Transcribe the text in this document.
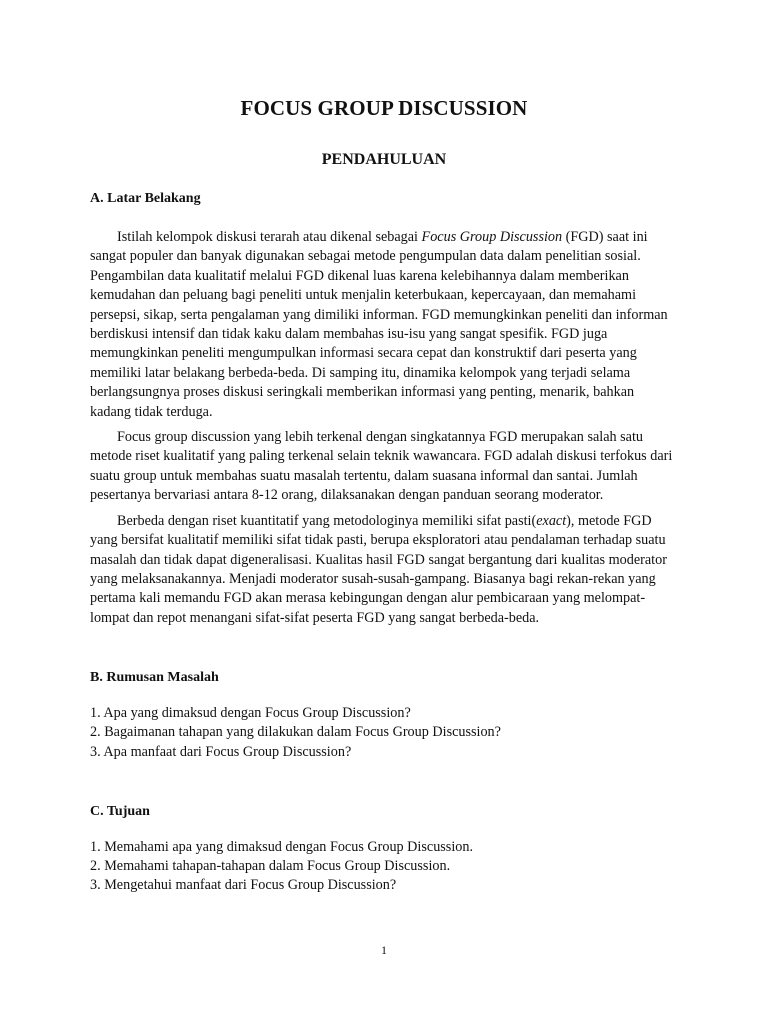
FOCUS GROUP DISCUSSION
PENDAHULUAN
A. Latar Belakang

Istilah kelompok diskusi terarah atau dikenal sebagai Focus Group Discussion (FGD) saat ini sangat populer dan banyak digunakan sebagai metode pengumpulan data dalam penelitian sosial. Pengambilan data kualitatif melalui FGD dikenal luas karena kelebihannya dalam memberikan kemudahan dan peluang bagi peneliti untuk menjalin keterbukaan, kepercayaan, dan memahami persepsi, sikap, serta pengalaman yang dimiliki informan. FGD memungkinkan peneliti dan informan berdiskusi intensif dan tidak kaku dalam membahas isu-isu yang sangat spesifik. FGD juga memungkinkan peneliti mengumpulkan informasi secara cepat dan konstruktif dari peserta yang memiliki latar belakang berbeda-beda. Di samping itu, dinamika kelompok yang terjadi selama berlangsungnya proses diskusi seringkali memberikan informasi yang penting, menarik, bahkan kadang tidak terduga.

Focus group discussion yang lebih terkenal dengan singkatannya FGD merupakan salah satu metode riset kualitatif yang paling terkenal selain teknik wawancara. FGD adalah diskusi terfokus dari suatu group untuk membahas suatu masalah tertentu, dalam suasana informal dan santai. Jumlah pesertanya bervariasi antara 8-12 orang, dilaksanakan dengan panduan seorang moderator.

Berbeda dengan riset kuantitatif yang metodologinya memiliki sifat pasti(exact), metode FGD yang bersifat kualitatif memiliki sifat tidak pasti, berupa eksploratori atau pendalaman terhadap suatu masalah dan tidak dapat digeneralisasi. Kualitas hasil FGD sangat bergantung dari kualitas moderator yang melaksanakannya. Menjadi moderator susah-susah-gampang. Biasanya bagi rekan-rekan yang pertama kali memandu FGD akan merasa kebingungan dengan alur pembicaraan yang melompat-lompat dan repot menangani sifat-sifat peserta FGD yang sangat berbeda-beda.

B. Rumusan Masalah
1. Apa yang dimaksud dengan Focus Group Discussion?
2. Bagaimanan tahapan yang dilakukan dalam Focus Group Discussion?
3. Apa manfaat dari Focus Group Discussion?
C. Tujuan
1. Memahami apa yang dimaksud dengan Focus Group Discussion.
2. Memahami tahapan-tahapan dalam Focus Group Discussion.
3. Mengetahui manfaat dari Focus Group Discussion?
1
